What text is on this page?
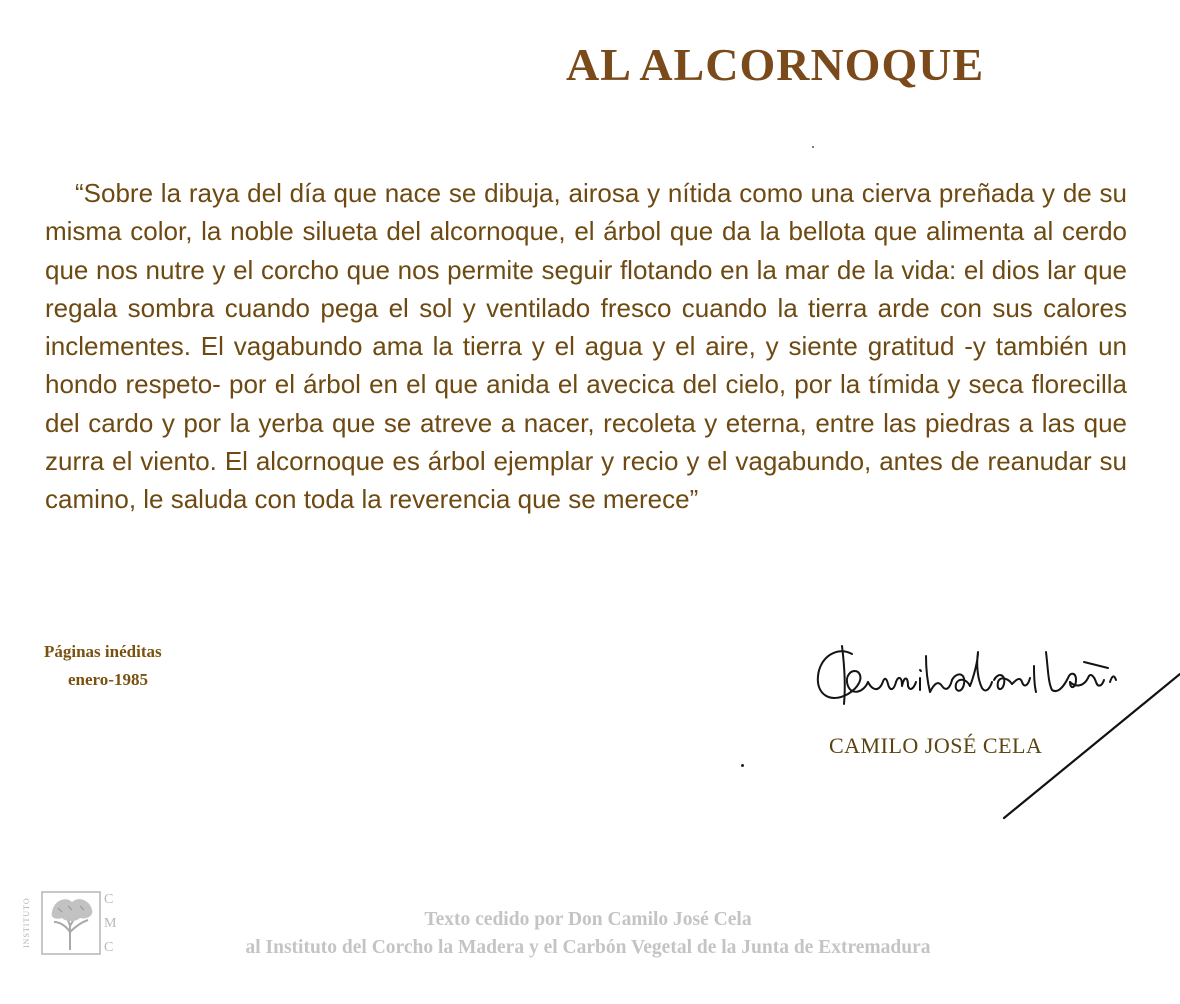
AL ALCORNOQUE

“Sobre la raya del día que nace se dibuja, airosa y nítida como una cierva preñada y de su misma color, la noble silueta del alcornoque, el árbol que da la bellota que alimenta al cerdo que nos nutre y el corcho que nos permite seguir flotando en la mar de la vida: el dios lar que regala sombra cuando pega el sol y ventilado fresco cuando la tierra arde con sus calores inclementes. El vagabundo ama la tierra y el agua y el aire, y siente gratitud -y también un hondo respeto- por el árbol en el que anida el avecica del cielo, por la tímida y seca florecilla del cardo y por la yerba que se atreve a nacer, recoleta y eterna, entre las piedras a las que zurra el viento. El alcornoque es árbol ejemplar y recio y el vagabundo, antes de reanudar su camino, le saluda con toda la reverencia que se merece”

Páginas inéditas
enero-1985
CAMILO JOSÉ CELA
INSTITUTO	C
M
C
Texto cedido por Don Camilo José Cela
al Instituto del Corcho la Madera y el Carbón Vegetal de la Junta de Extremadura
